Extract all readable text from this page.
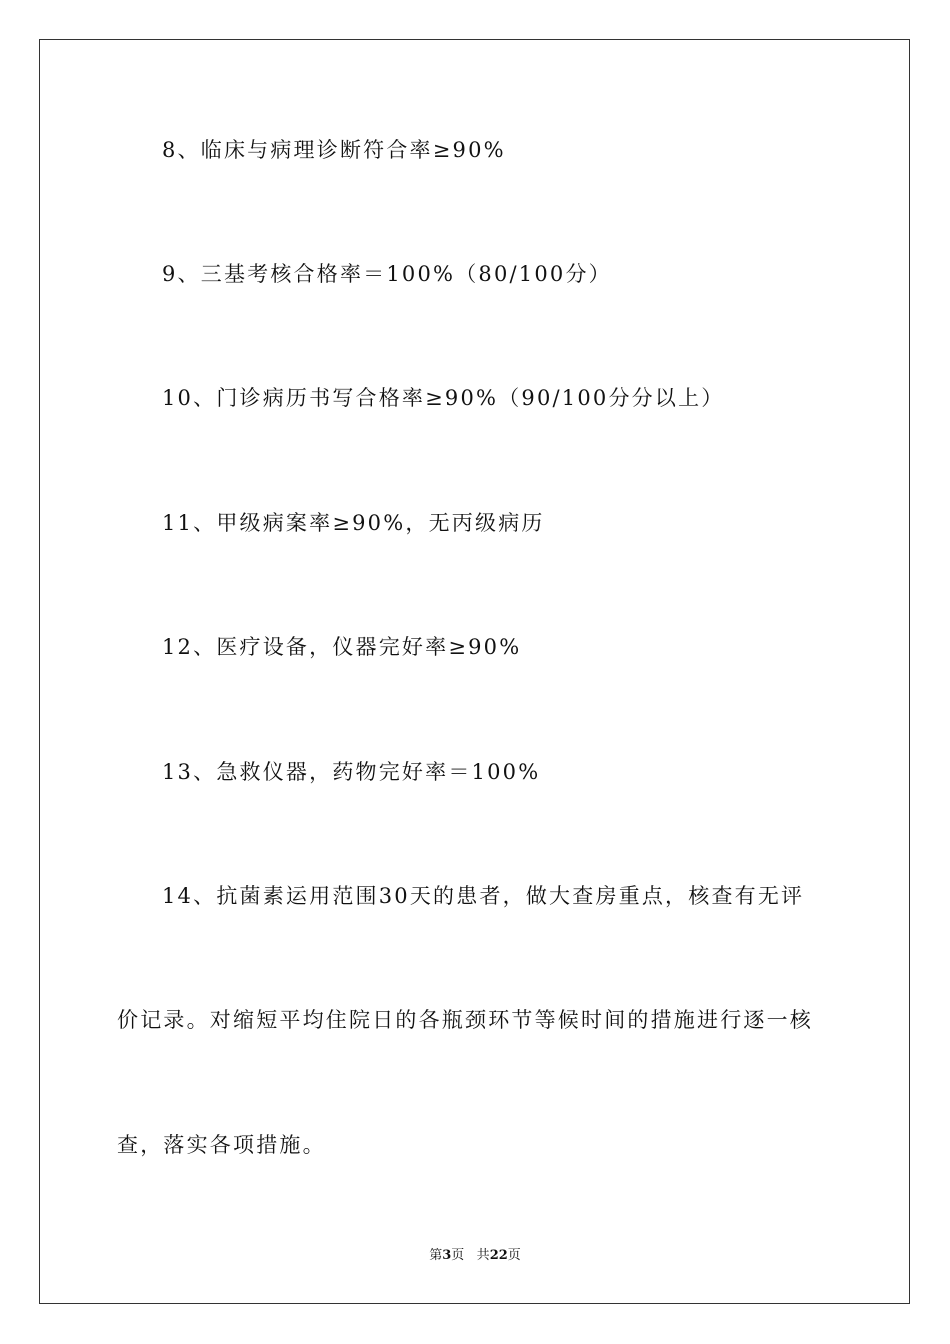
8、临床与病理诊断符合率≥90%
9、三基考核合格率＝100%（80/100分）
10、门诊病历书写合格率≥90%（90/100分分以上）
11、甲级病案率≥90%，无丙级病历
12、医疗设备，仪器完好率≥90%
13、急救仪器，药物完好率＝100%
14、抗菌素运用范围30天的患者，做大查房重点，核查有无评
价记录。对缩短平均住院日的各瓶颈环节等候时间的措施进行逐一核
查，落实各项措施。
第3页 共22页
